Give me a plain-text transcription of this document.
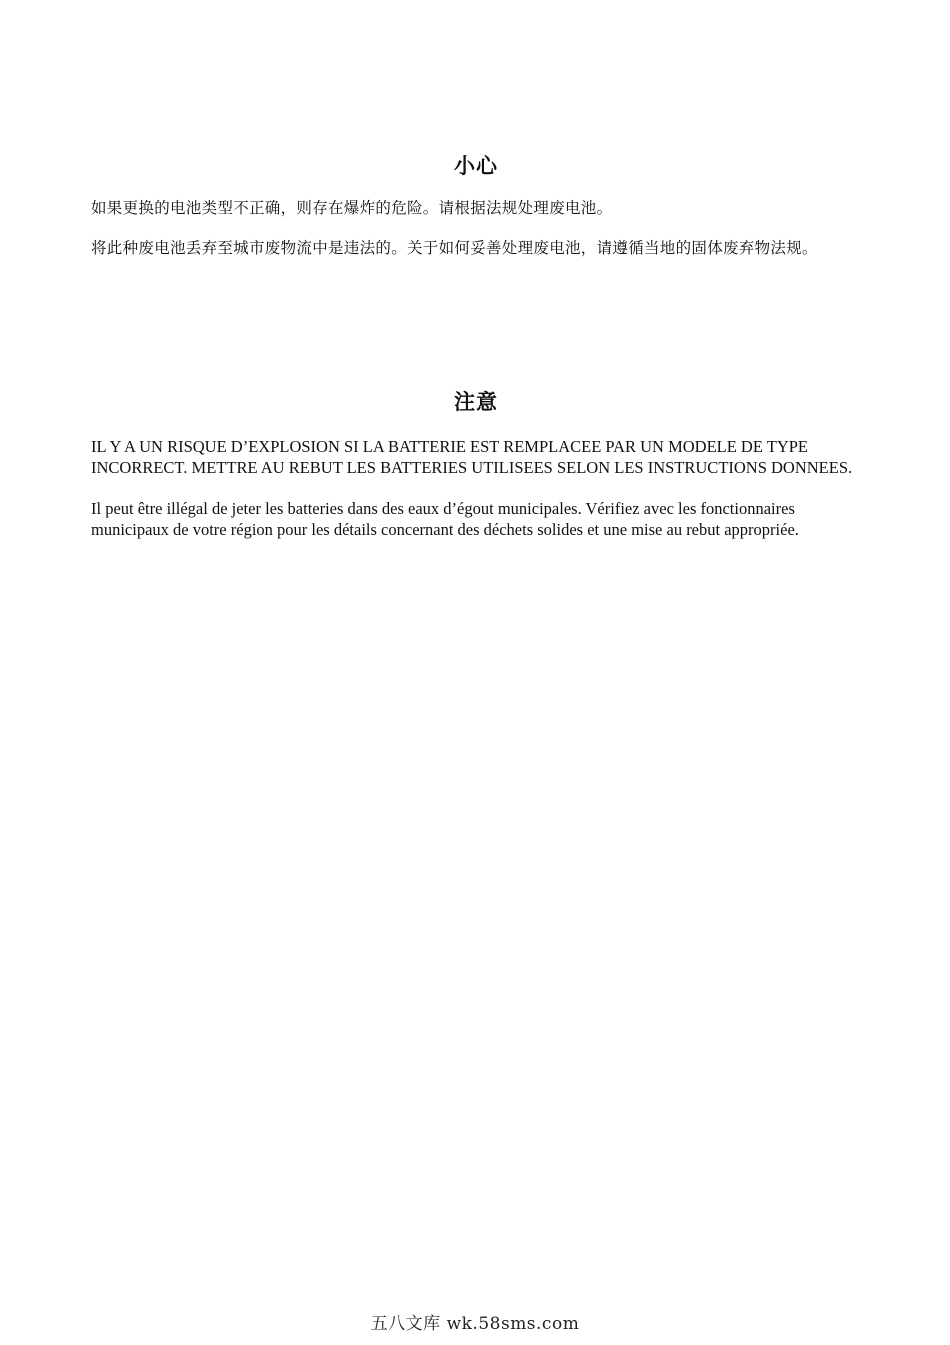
小心

如果更换的电池类型不正确，则存在爆炸的危险。请根据法规处理废电池。

将此种废电池丢弃至城市废物流中是违法的。关于如何妥善处理废电池，请遵循当地的固体废弃物法规。

注意

IL Y A UN RISQUE D’EXPLOSION SI LA BATTERIE EST REMPLACEE PAR UN MODELE DE TYPE INCORRECT. METTRE AU REBUT LES BATTERIES UTILISEES SELON LES INSTRUCTIONS DONNEES.

Il peut être illégal de jeter les batteries dans des eaux d’égout municipales. Vérifiez avec les fonctionnaires municipaux de votre région pour les détails concernant des déchets solides et une mise au rebut appropriée.

五八文库 wk.58sms.com
